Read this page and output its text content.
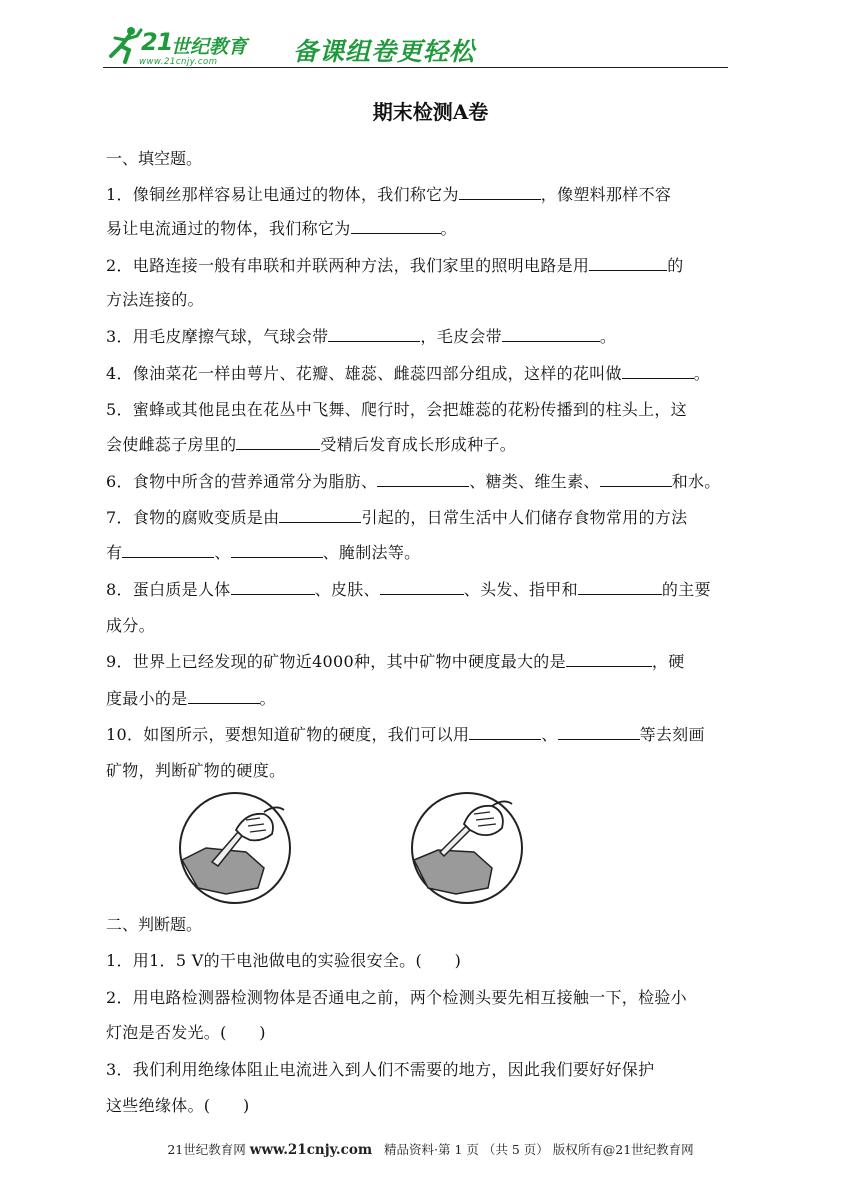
21
世纪教育
www.21cnjy.com	备课组卷更轻松
期末检测A卷
一、填空题。
1．像铜丝那样容易让电通过的物体，我们称它为	，像塑料那样不容
易让电流通过的物体，我们称它为	。
2．电路连接一般有串联和并联两种方法，我们家里的照明电路是用	的
方法连接的。
3．用毛皮摩擦气球，气球会带	，毛皮会带	。
4．像油菜花一样由萼片、花瓣、雄蕊、雌蕊四部分组成，这样的花叫做	。
5．蜜蜂或其他昆虫在花丛中飞舞、爬行时，会把雄蕊的花粉传播到的柱头上，这
会使雌蕊子房里的	受精后发育成长形成种子。
6．食物中所含的营养通常分为脂肪、	、糖类、维生素、	和水。
7．食物的腐败变质是由	引起的，日常生活中人们储存食物常用的方法
有	、	、腌制法等。
8．蛋白质是人体	、皮肤、	、头发、指甲和	的主要
成分。
9．世界上已经发现的矿物近4000种，其中矿物中硬度最大的是	，硬
度最小的是	。
10．如图所示，要想知道矿物的硬度，我们可以用	、	等去刻画
矿物，判断矿物的硬度。
二、判断题。
1．用1．5 V的干电池做电的实验很安全。(　　)
2．用电路检测器检测物体是否通电之前，两个检测头要先相互接触一下，检验小
灯泡是否发光。(　　)
3．我们利用绝缘体阻止电流进入到人们不需要的地方，因此我们要好好保护
这些绝缘体。(　　)
21世纪教育网 www.21cnjy.com 精品资料·第 1 页 （共 5 页） 版权所有@21世纪教育网
